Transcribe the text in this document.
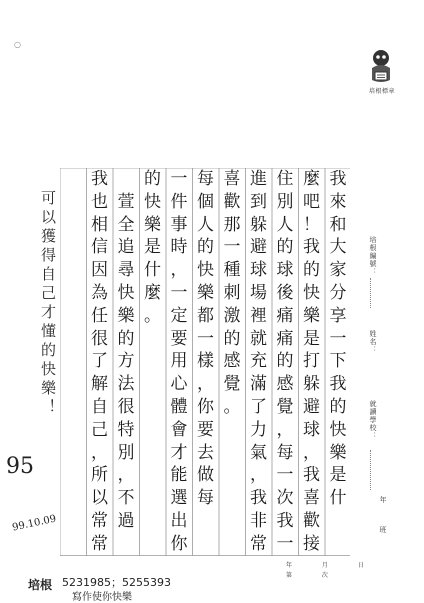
○
培根標章
培根編號：
姓名：
就讀學校：
年
班
我
來
和
大
家
分
享
一
下
我
的
快
樂
是
什
麼
吧
！
我
的
快
樂
是
打
躲
避
球
，
我
喜
歡
接
住
別
人
的
球
後
痛
痛
的
感
覺
，
每
一
次
我
一
進
到
躲
避
球
場
裡
就
充
滿
了
力
氣
，
我
非
常
喜
歡
那
一
種
刺
激
的
感
覺
。
每
個
人
的
快
樂
都
一
樣
，
你
要
去
做
每
一
件
事
時
，
一
定
要
用
心
體
會
才
能
選
出
你
的
快
樂
是
什
麼
。

萱
全
追
尋
快
樂
的
方
法
很
特
別
，
不
過
我
也
相
信
因
為
任
很
了
解
自
己
，
所
以
常
常
可以獲得自己才懂的快樂！
95
99.10.09
年 月 日
第 次
培根 5231985；5255393
寫作使你快樂
